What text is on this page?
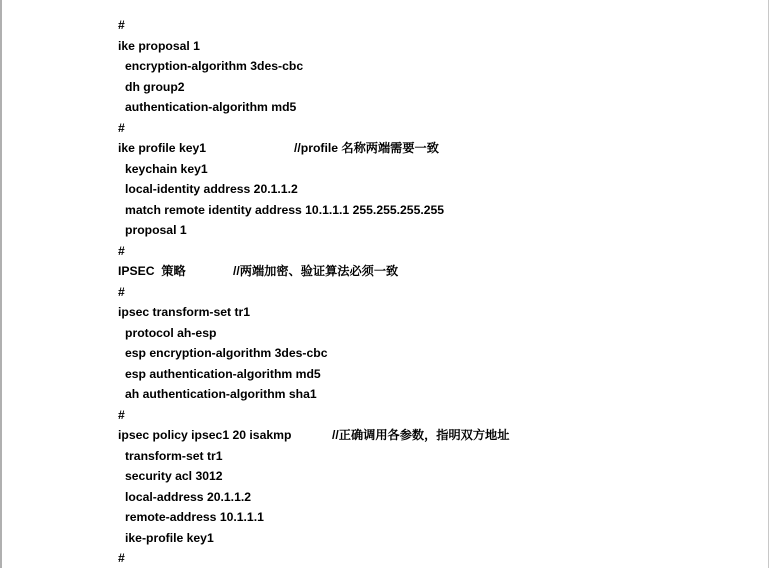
#
ike proposal 1
encryption-algorithm 3des-cbc
dh group2
authentication-algorithm md5
#
ike profile key1	//profile 名称两端需要一致
keychain key1
local-identity address 20.1.1.2
match remote identity address 10.1.1.1 255.255.255.255
proposal 1
#
IPSEC  策略	//两端加密、验证算法必须一致
#
ipsec transform-set tr1
protocol ah-esp
esp encryption-algorithm 3des-cbc
esp authentication-algorithm md5
ah authentication-algorithm sha1
#
ipsec policy ipsec1 20 isakmp	//正确调用各参数，指明双方地址
transform-set tr1
security acl 3012
local-address 20.1.1.2
remote-address 10.1.1.1
ike-profile key1
#
